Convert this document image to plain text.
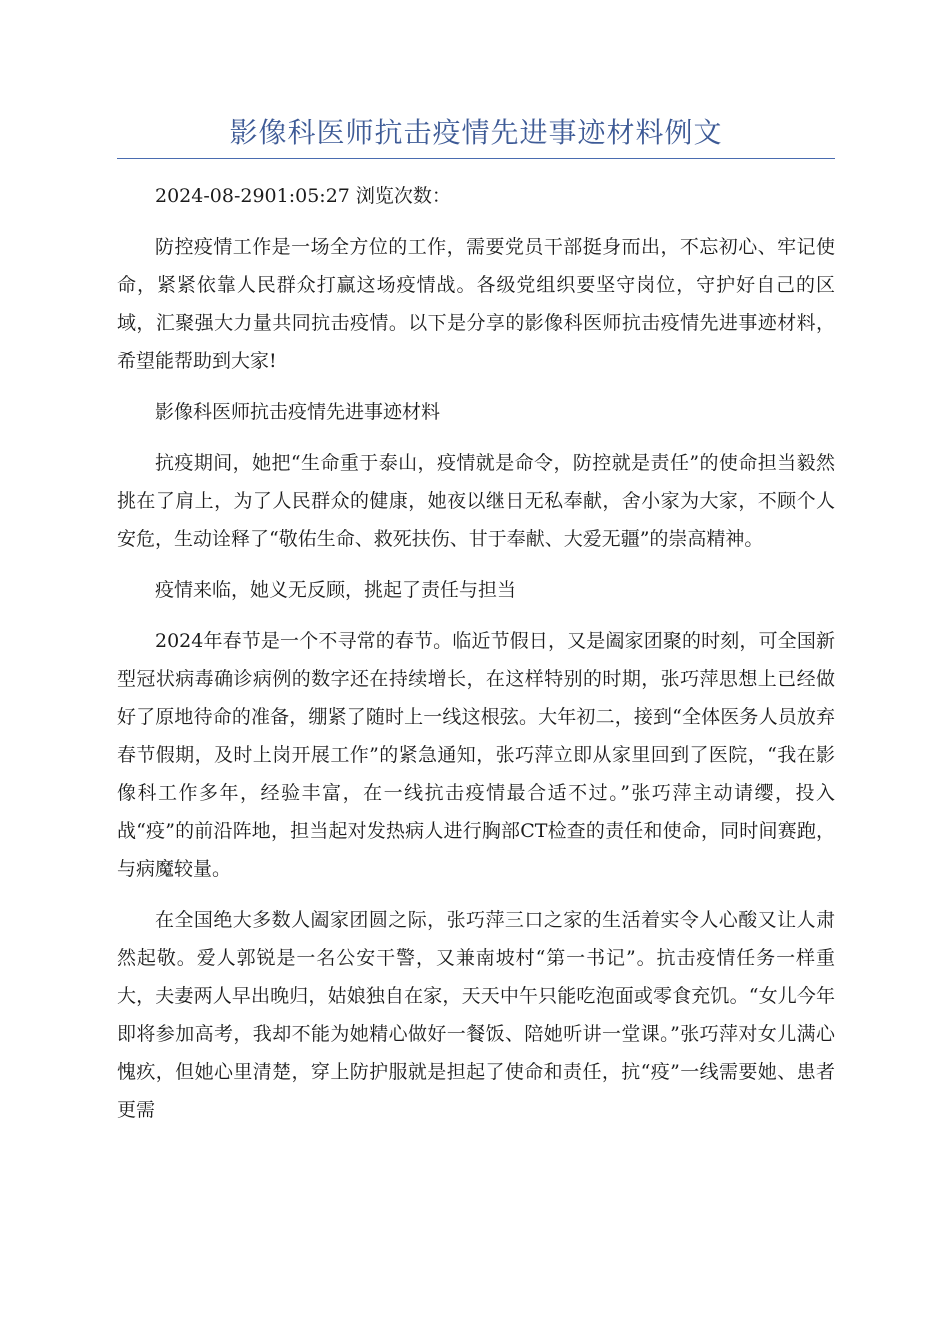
影像科医师抗击疫情先进事迹材料例文

2024-08-2901:05:27 浏览次数：

防控疫情工作是一场全方位的工作，需要党员干部挺身而出，不忘初心、牢记使命，紧紧依靠人民群众打赢这场疫情战。各级党组织要坚守岗位，守护好自己的区域，汇聚强大力量共同抗击疫情。以下是分享的影像科医师抗击疫情先进事迹材料，希望能帮助到大家!

影像科医师抗击疫情先进事迹材料

抗疫期间，她把“生命重于泰山，疫情就是命令，防控就是责任”的使命担当毅然挑在了肩上，为了人民群众的健康，她夜以继日无私奉献，舍小家为大家，不顾个人安危，生动诠释了“敬佑生命、救死扶伤、甘于奉献、大爱无疆”的崇高精神。

疫情来临，她义无反顾，挑起了责任与担当

2024年春节是一个不寻常的春节。临近节假日，又是阖家团聚的时刻，可全国新型冠状病毒确诊病例的数字还在持续增长，在这样特别的时期，张巧萍思想上已经做好了原地待命的准备，绷紧了随时上一线这根弦。大年初二，接到“全体医务人员放弃春节假期，及时上岗开展工作”的紧急通知，张巧萍立即从家里回到了医院，“我在影像科工作多年，经验丰富，在一线抗击疫情最合适不过。”张巧萍主动请缨，投入战“疫”的前沿阵地，担当起对发热病人进行胸部CT检查的责任和使命，同时间赛跑，与病魔较量。

在全国绝大多数人阖家团圆之际，张巧萍三口之家的生活着实令人心酸又让人肃然起敬。爱人郭锐是一名公安干警，又兼南坡村“第一书记”。抗击疫情任务一样重大，夫妻两人早出晚归，姑娘独自在家，天天中午只能吃泡面或零食充饥。“女儿今年即将参加高考，我却不能为她精心做好一餐饭、陪她听讲一堂课。”张巧萍对女儿满心愧疚，但她心里清楚，穿上防护服就是担起了使命和责任，抗“疫”一线需要她、患者更需
